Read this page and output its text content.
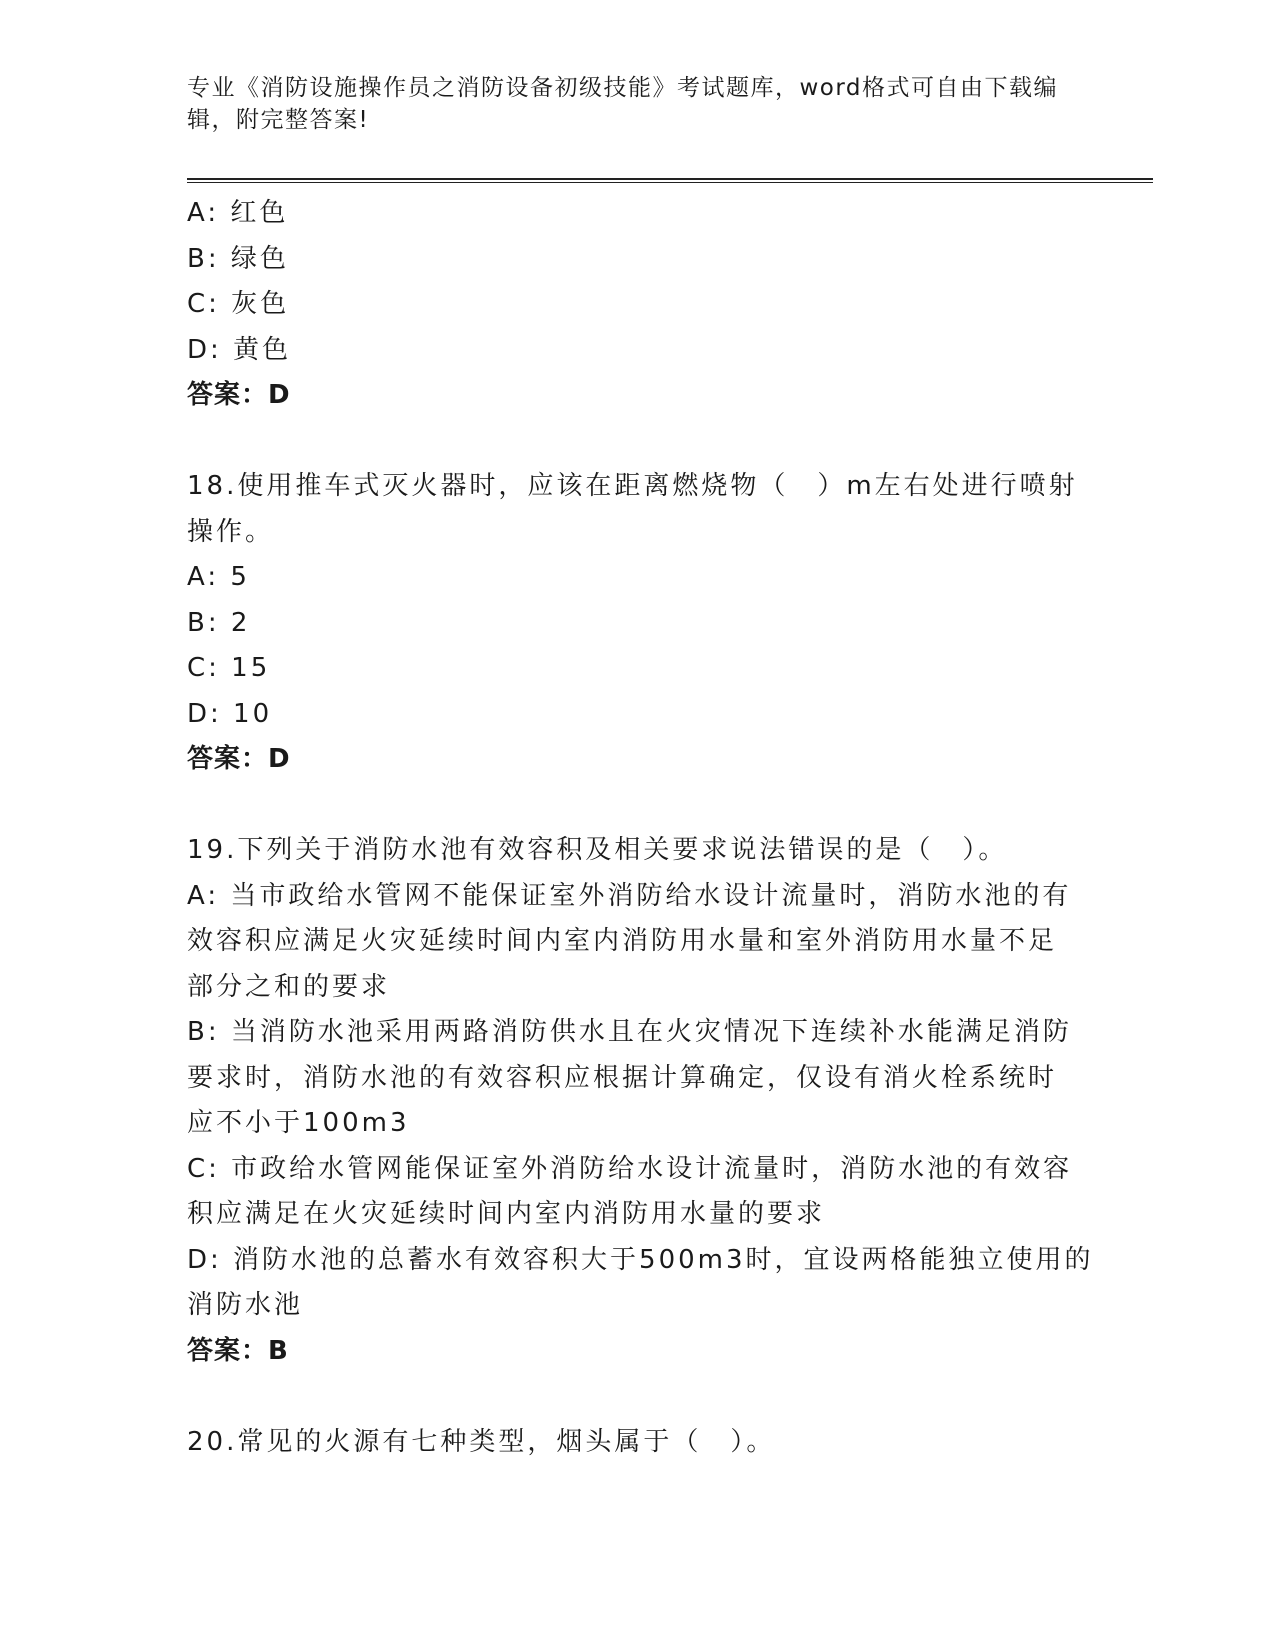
专业《消防设施操作员之消防设备初级技能》考试题库，word格式可自由下载编
辑，附完整答案!
A: 红色
B: 绿色
C: 灰色
D: 黄色
答案：D
18.使用推车式灭火器时，应该在距离燃烧物（　）m左右处进行喷射
操作。
A: 5
B: 2
C: 15
D: 10
答案：D
19.下列关于消防水池有效容积及相关要求说法错误的是（　）。
A: 当市政给水管网不能保证室外消防给水设计流量时，消防水池的有
效容积应满足火灾延续时间内室内消防用水量和室外消防用水量不足
部分之和的要求
B: 当消防水池采用两路消防供水且在火灾情况下连续补水能满足消防
要求时，消防水池的有效容积应根据计算确定，仅设有消火栓系统时
应不小于100m3
C: 市政给水管网能保证室外消防给水设计流量时，消防水池的有效容
积应满足在火灾延续时间内室内消防用水量的要求
D: 消防水池的总蓄水有效容积大于500m3时，宜设两格能独立使用的
消防水池
答案：B
20.常见的火源有七种类型，烟头属于（　）。
